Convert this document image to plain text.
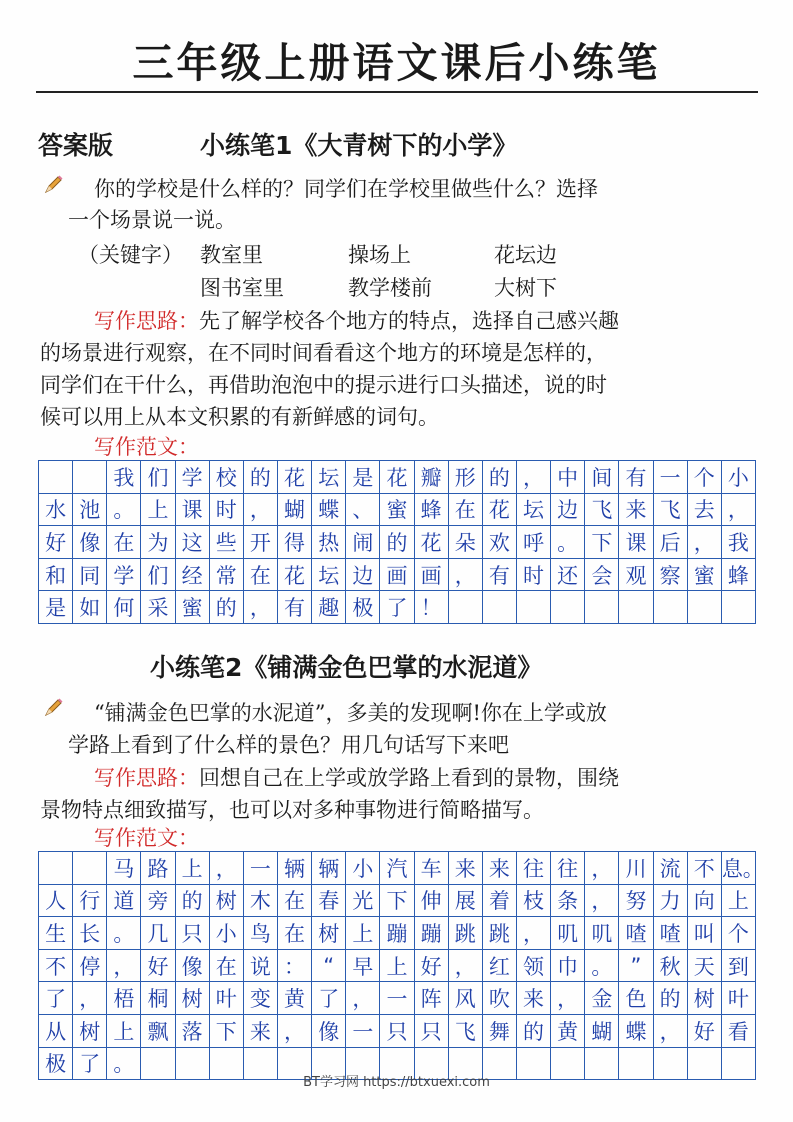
三年级上册语文课后小练笔
答案版	小练笔1《大青树下的小学》
你的学校是什么样的？同学们在学校里做些什么？选择
一个场景说一说。
（关键字） 教室里	操场上	花坛边
图书室里	教学楼前	大树下
写作思路：先了解学校各个地方的特点，选择自己感兴趣
的场景进行观察，在不同时间看看这个地方的环境是怎样的，
同学们在干什么，再借助泡泡中的提示进行口头描述，说的时
候可以用上从本文积累的有新鲜感的词句。
写作范文：
		我	们	学	校	的	花	坛	是	花	瓣	形	的	，	中	间	有	一	个	小
水	池	。	上	课	时	，	蝴	蝶	、	蜜	蜂	在	花	坛	边	飞	来	飞	去	，
好	像	在	为	这	些	开	得	热	闹	的	花	朵	欢	呼	。	下	课	后	，	我
和	同	学	们	经	常	在	花	坛	边	画	画	，	有	时	还	会	观	察	蜜	蜂
是	如	何	采	蜜	的	，	有	趣	极	了	！									
小练笔2《铺满金色巴掌的水泥道》
“铺满金色巴掌的水泥道”，多美的发现啊!你在上学或放
学路上看到了什么样的景色？用几句话写下来吧
写作思路：回想自己在上学或放学路上看到的景物，围绕
景物特点细致描写，也可以对多种事物进行简略描写。
写作范文：
		马	路	上	，	一	辆	辆	小	汽	车	来	来	往	往	，	川	流	不	息。
人	行	道	旁	的	树	木	在	春	光	下	伸	展	着	枝	条	，	努	力	向	上
生	长	。	几	只	小	鸟	在	树	上	蹦	蹦	跳	跳	，	叽	叽	喳	喳	叫	个
不	停	，	好	像	在	说	：	“	早	上	好	，	红	领	巾	。	”	秋	天	到
了	，	梧	桐	树	叶	变	黄	了	，	一	阵	风	吹	来	，	金	色	的	树	叶
从	树	上	飘	落	下	来	，	像	一	只	只	飞	舞	的	黄	蝴	蝶	，	好	看
极	了	。																		
BT学习网 https://btxuexi.com
